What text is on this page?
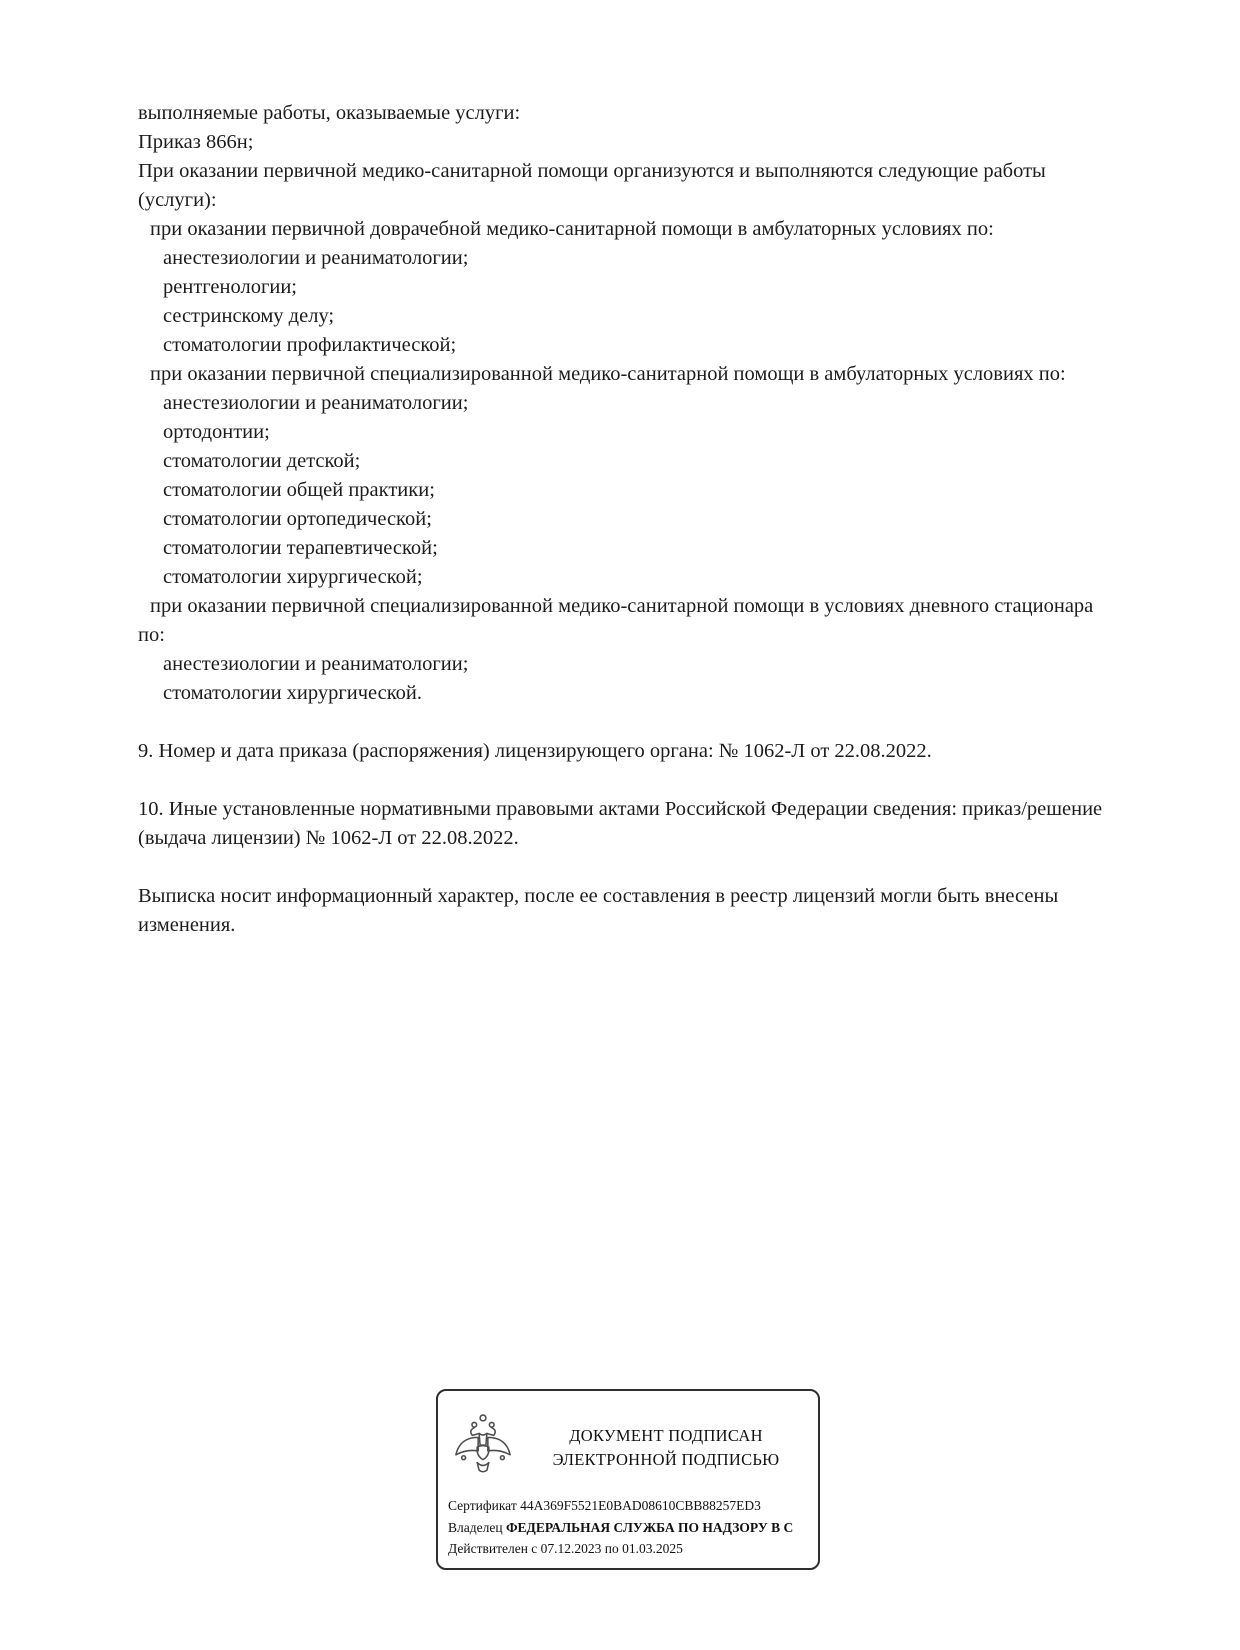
выполняемые работы, оказываемые услуги:

Приказ 866н;

При оказании первичной медико-санитарной помощи организуются и выполняются следующие работы (услуги):

при оказании первичной доврачебной медико-санитарной помощи в амбулаторных условиях по:

анестезиологии и реаниматологии;

рентгенологии;

сестринскому делу;

стоматологии профилактической;

при оказании первичной специализированной медико-санитарной помощи в амбулаторных условиях по:

анестезиологии и реаниматологии;

ортодонтии;

стоматологии детской;

стоматологии общей практики;

стоматологии ортопедической;

стоматологии терапевтической;

стоматологии хирургической;

при оказании первичной специализированной медико-санитарной помощи в условиях дневного стационара по:

анестезиологии и реаниматологии;

стоматологии хирургической.

9. Номер и дата приказа (распоряжения) лицензирующего органа: № 1062-Л от 22.08.2022.

10. Иные установленные нормативными правовыми актами Российской Федерации сведения: приказ/решение (выдача лицензии) № 1062-Л от 22.08.2022.

Выписка носит информационный характер, после ее составления в реестр лицензий могли быть внесены изменения.

ДОКУМЕНТ ПОДПИСАН
ЭЛЕКТРОННОЙ ПОДПИСЬЮ
Сертификат 44A369F5521E0BAD08610CBB88257ED3
Владелец ФЕДЕРАЛЬНАЯ СЛУЖБА ПО НАДЗОРУ В С
Действителен с 07.12.2023 по 01.03.2025
